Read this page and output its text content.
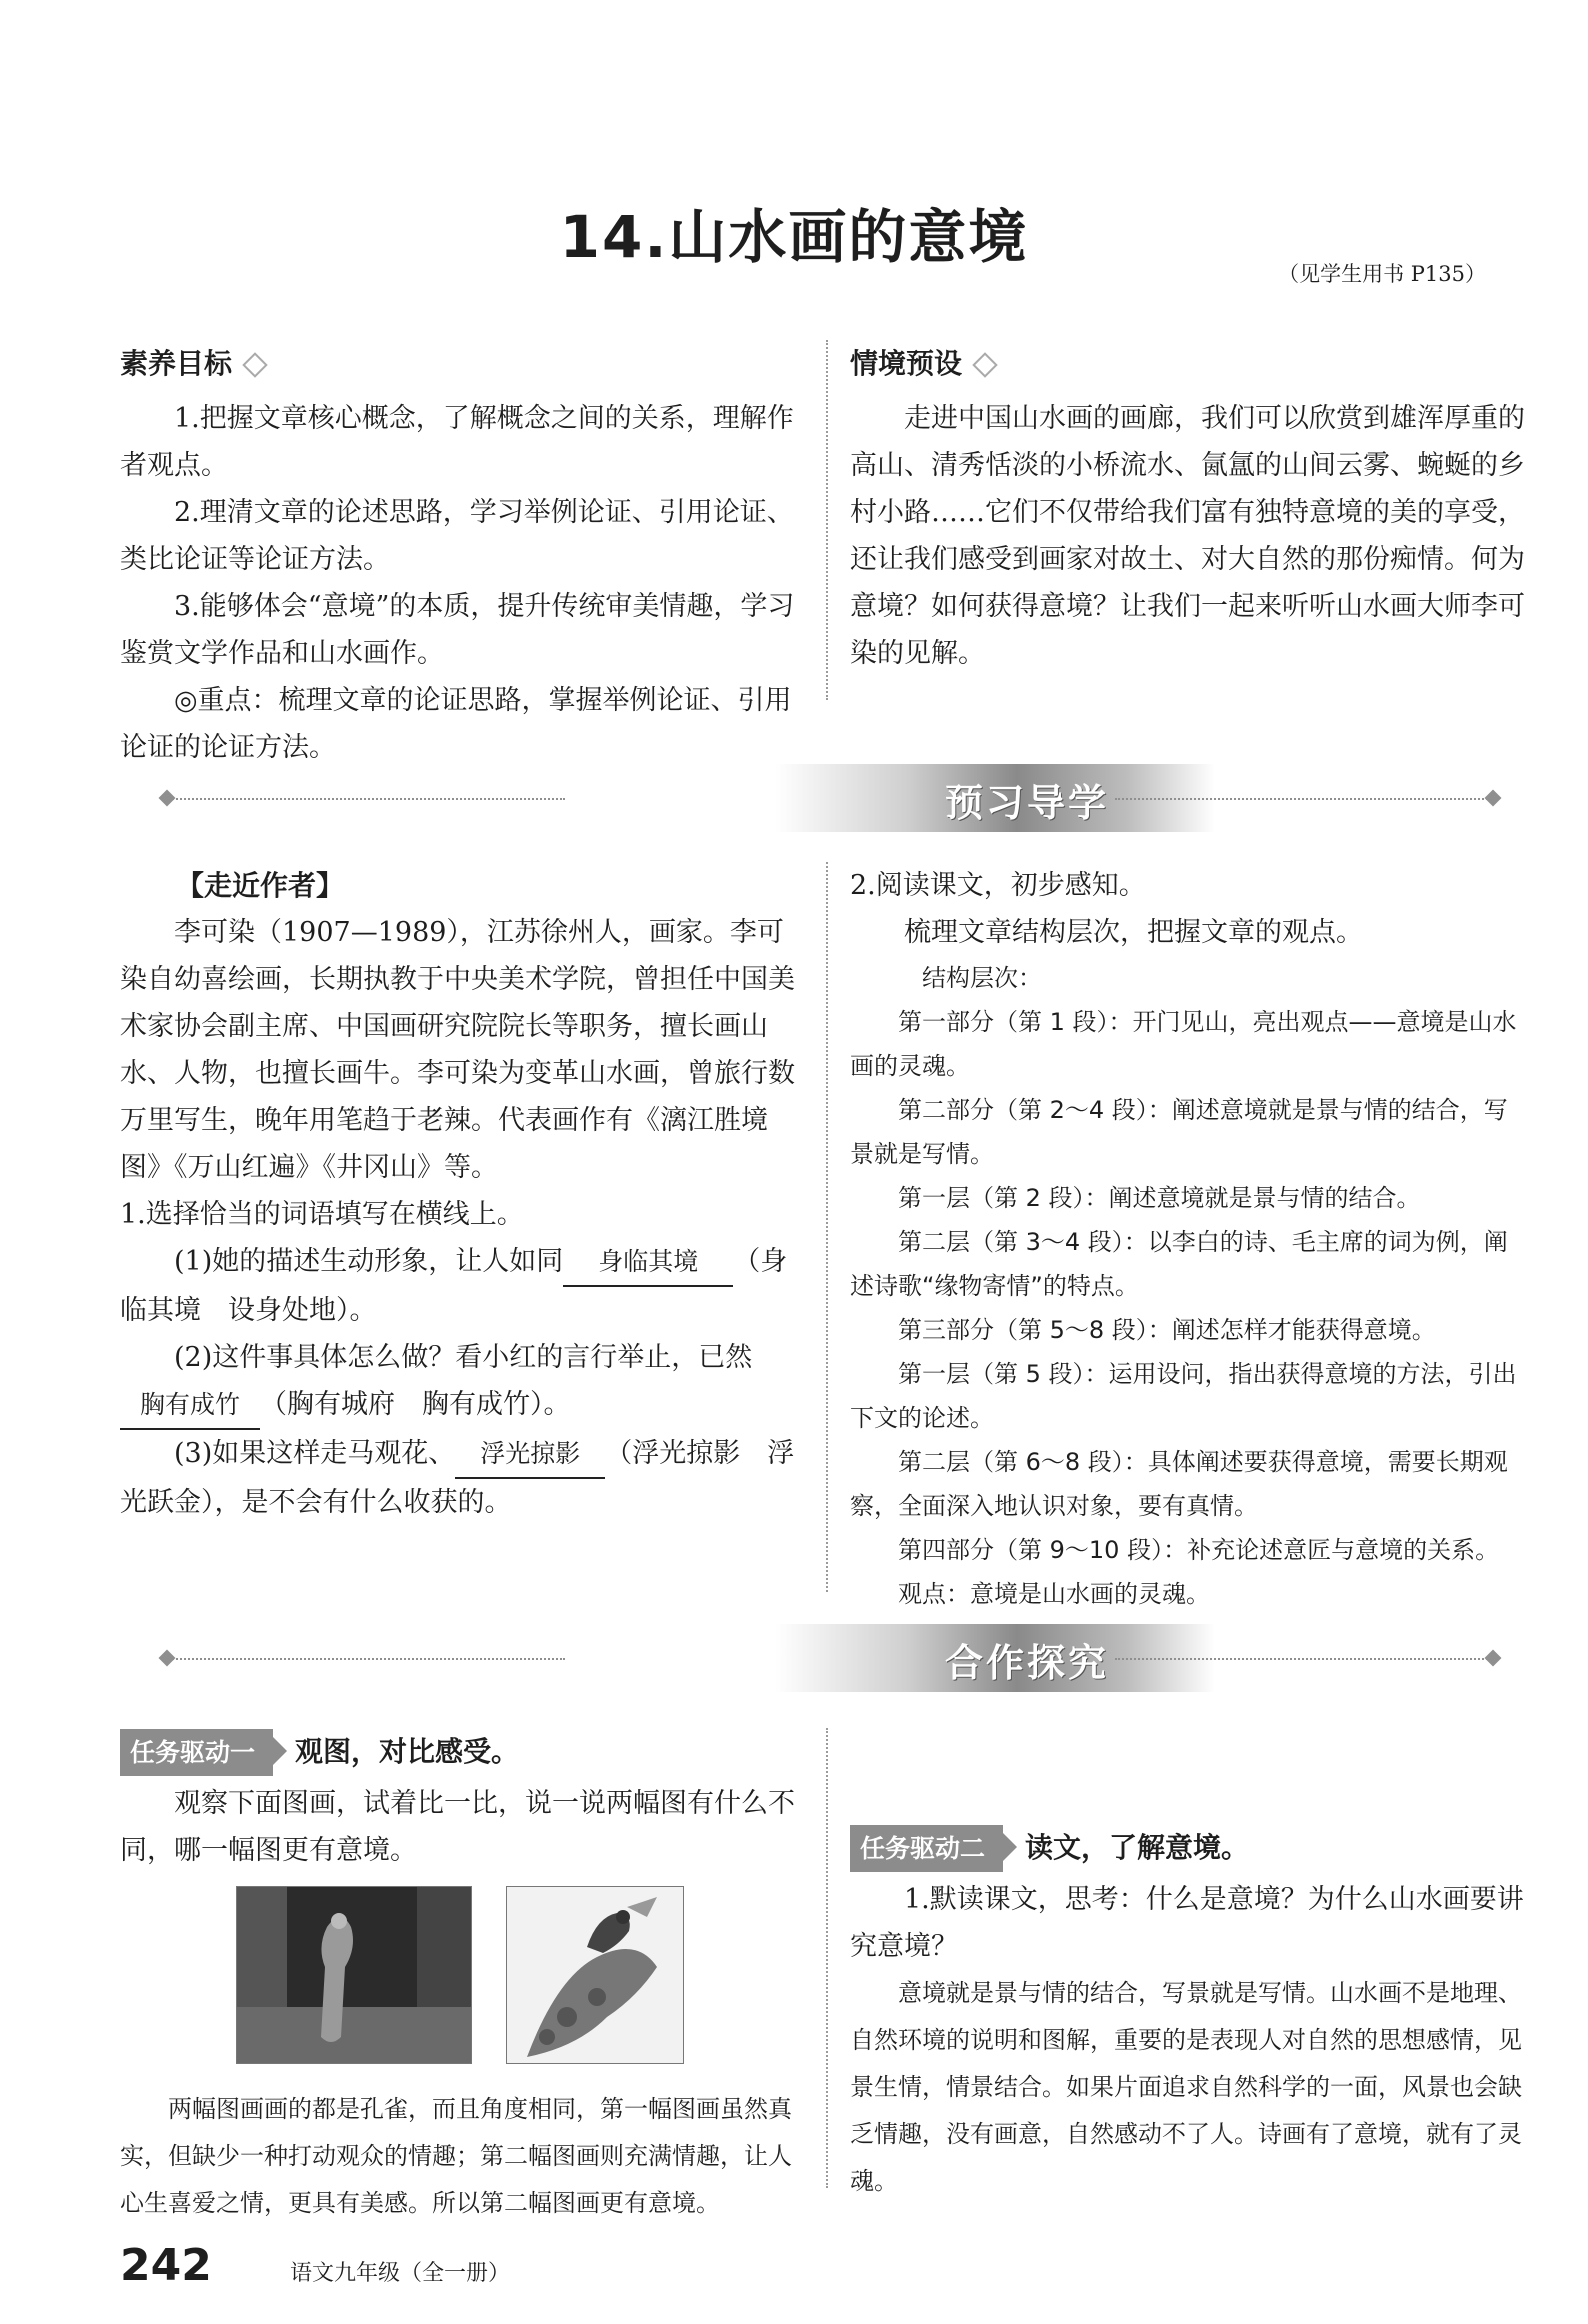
14.山水画的意境
（见学生用书 P135）
素养目标

1.把握文章核心概念，了解概念之间的关系，理解作者观点。

2.理清文章的论述思路，学习举例论证、引用论证、类比论证等论证方法。

3.能够体会“意境”的本质，提升传统审美情趣，学习鉴赏文学作品和山水画作。

◎重点：梳理文章的论证思路，掌握举例论证、引用论证的论证方法。

情境预设

走进中国山水画的画廊，我们可以欣赏到雄浑厚重的高山、清秀恬淡的小桥流水、氤氲的山间云雾、蜿蜒的乡村小路……它们不仅带给我们富有独特意境的美的享受，还让我们感受到画家对故土、对大自然的那份痴情。何为意境？如何获得意境？让我们一起来听听山水画大师李可染的见解。

预习导学

【走近作者】

李可染（1907—1989），江苏徐州人，画家。李可染自幼喜绘画，长期执教于中央美术学院，曾担任中国美术家协会副主席、中国画研究院院长等职务，擅长画山水、人物，也擅长画牛。李可染为变革山水画，曾旅行数万里写生，晚年用笔趋于老辣。代表画作有《漓江胜境图》《万山红遍》《井冈山》等。

1.选择恰当的词语填写在横线上。

(1)她的描述生动形象，让人如同 身临其境 （身临其境　设身处地）。

(2)这件事具体怎么做？看小红的言行举止，已然胸有成竹 （胸有城府　胸有成竹）。

(3)如果这样走马观花、 浮光掠影 （浮光掠影　浮光跃金），是不会有什么收获的。

2.阅读课文，初步感知。

梳理文章结构层次，把握文章的观点。

结构层次：

第一部分（第 1 段）：开门见山，亮出观点——意境是山水画的灵魂。

第二部分（第 2～4 段）：阐述意境就是景与情的结合，写景就是写情。

第一层（第 2 段）：阐述意境就是景与情的结合。

第二层（第 3～4 段）：以李白的诗、毛主席的词为例，阐述诗歌“缘物寄情”的特点。

第三部分（第 5～8 段）：阐述怎样才能获得意境。

第一层（第 5 段）：运用设问，指出获得意境的方法，引出下文的论述。

第二层（第 6～8 段）：具体阐述要获得意境，需要长期观察，全面深入地认识对象，要有真情。

第四部分（第 9～10 段）：补充论述意匠与意境的关系。

观点：意境是山水画的灵魂。

合作探究
任务驱动一 观图，对比感受。

观察下面图画，试着比一比，说一说两幅图有什么不同，哪一幅图更有意境。

两幅图画画的都是孔雀，而且角度相同，第一幅图画虽然真实，但缺少一种打动观众的情趣；第二幅图画则充满情趣，让人心生喜爱之情，更具有美感。所以第二幅图画更有意境。

任务驱动二 读文，了解意境。

1.默读课文，思考：什么是意境？为什么山水画要讲究意境？

意境就是景与情的结合，写景就是写情。山水画不是地理、自然环境的说明和图解，重要的是表现人对自然的思想感情，见景生情，情景结合。如果片面追求自然科学的一面，风景也会缺乏情趣，没有画意，自然感动不了人。诗画有了意境，就有了灵魂。

242	语文九年级（全一册）
